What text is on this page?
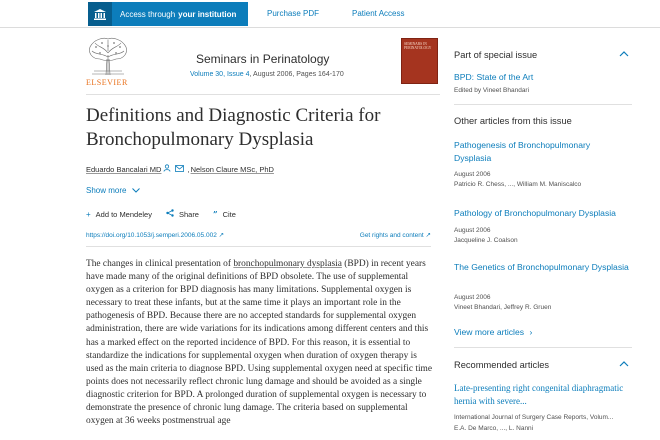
Access through your institution	Purchase PDF	Patient Access
ELSEVIER
Seminars in Perinatology
Volume 30, Issue 4, August 2006, Pages 164-170
SEMINARS IN PERINATOLOGY
Definitions and Diagnostic Criteria for Bronchopulmonary Dysplasia
Eduardo Bancalari MD	, Nelson Claure MSc, PhD
Show more
+ Add to Mendeley	Share ” Cite
https://doi.org/10.1053/j.semperi.2006.05.002 ↗	Get rights and content ↗

The changes in clinical presentation of bronchopulmonary dysplasia (BPD) in recent years have made many of the original definitions of BPD obsolete. The use of supplemental oxygen as a criterion for BPD diagnosis has many limitations. Supplemental oxygen is necessary to treat these infants, but at the same time it plays an important role in the pathogenesis of BPD. Because there are no accepted standards for supplemental oxygen administration, there are wide variations for its indications among different centers and this has a marked effect on the reported incidence of BPD. For this reason, it is essential to standardize the indications for supplemental oxygen when duration of oxygen therapy is used as the main criteria to diagnose BPD. Using supplemental oxygen need at specific time points does not necessarily reflect chronic lung damage and should be avoided as a single diagnostic criterion for BPD. A prolonged duration of supplemental oxygen is necessary to demonstrate the presence of chronic lung damage. The criteria based on supplemental oxygen at 36 weeks postmenstrual age

Part of special issue
BPD: State of the Art
Edited by Vineet Bhandari
Other articles from this issue
Pathogenesis of Bronchopulmonary Dysplasia
August 2006
Patricio R. Chess, ..., William M. Maniscalco
Pathology of Bronchopulmonary Dysplasia
August 2006
Jacqueline J. Coalson
The Genetics of Bronchopulmonary Dysplasia
August 2006
Vineet Bhandari, Jeffrey R. Gruen
View more articles ›
Recommended articles
Late-presenting right congenital diaphragmatic hernia with severe...
International Journal of Surgery Case Reports, Volum...
E.A. De Marco, ..., L. Nanni
